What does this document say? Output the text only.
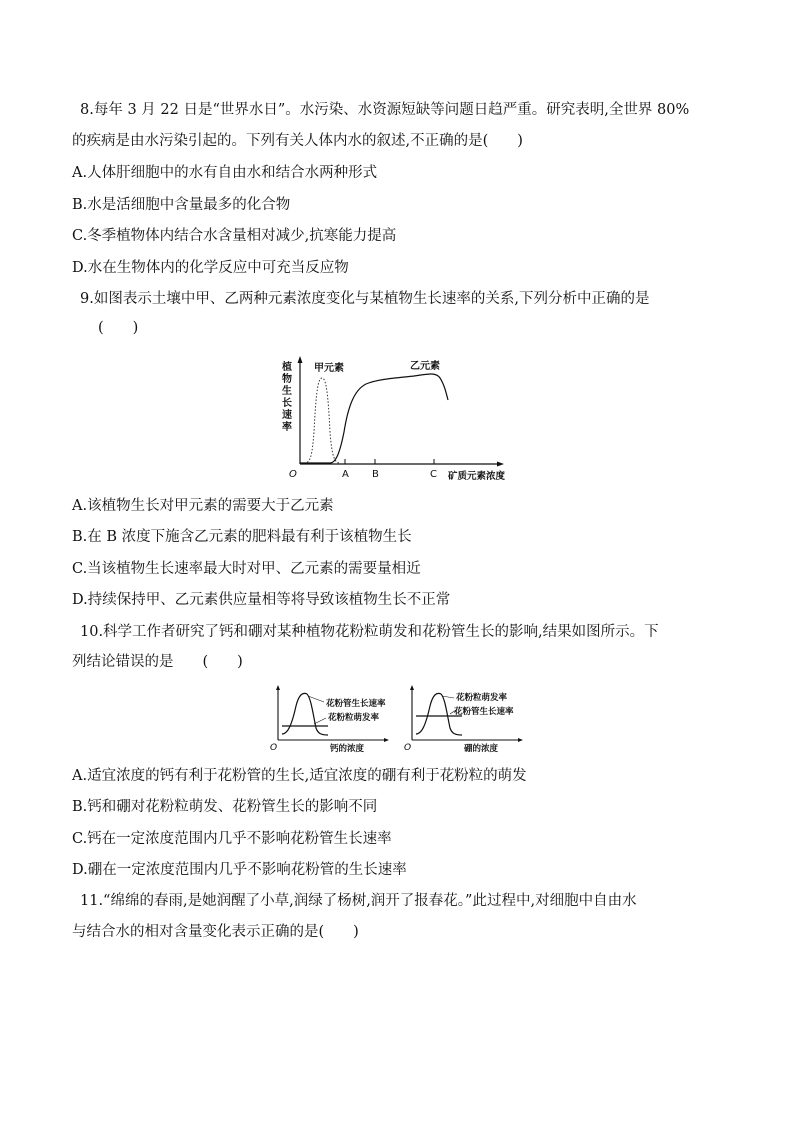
8.每年 3 月 22 日是“世界水日”。水污染、水资源短缺等问题日趋严重。研究表明,全世界 80%
的疾病是由水污染引起的。下列有关人体内水的叙述,不正确的是(　　)
A.人体肝细胞中的水有自由水和结合水两种形式
B.水是活细胞中含量最多的化合物
C.冬季植物体内结合水含量相对减少,抗寒能力提高
D.水在生物体内的化学反应中可充当反应物
9.如图表示土壤中甲、乙两种元素浓度变化与某植物生长速率的关系,下列分析中正确的是
(　　)
植 物 生 长 速 率
O	A B	C 矿质元素浓度
甲元素	乙元素
A.该植物生长对甲元素的需要大于乙元素
B.在 B 浓度下施含乙元素的肥料最有利于该植物生长
C.当该植物生长速率最大时对甲、乙元素的需要量相近
D.持续保持甲、乙元素供应量相等将导致该植物生长不正常
10.科学工作者研究了钙和硼对某种植物花粉粒萌发和花粉管生长的影响,结果如图所示。下
列结论错误的是　　(　　)
花粉管生长速率
花粉粒萌发率
O	钙的浓度
花粉粒萌发率
花粉管生长速率
O	硼的浓度
A.适宜浓度的钙有利于花粉管的生长,适宜浓度的硼有利于花粉粒的萌发
B.钙和硼对花粉粒萌发、花粉管生长的影响不同
C.钙在一定浓度范围内几乎不影响花粉管生长速率
D.硼在一定浓度范围内几乎不影响花粉管的生长速率
11.“绵绵的春雨,是她润醒了小草,润绿了杨树,润开了报春花。”此过程中,对细胞中自由水
与结合水的相对含量变化表示正确的是(　　)
